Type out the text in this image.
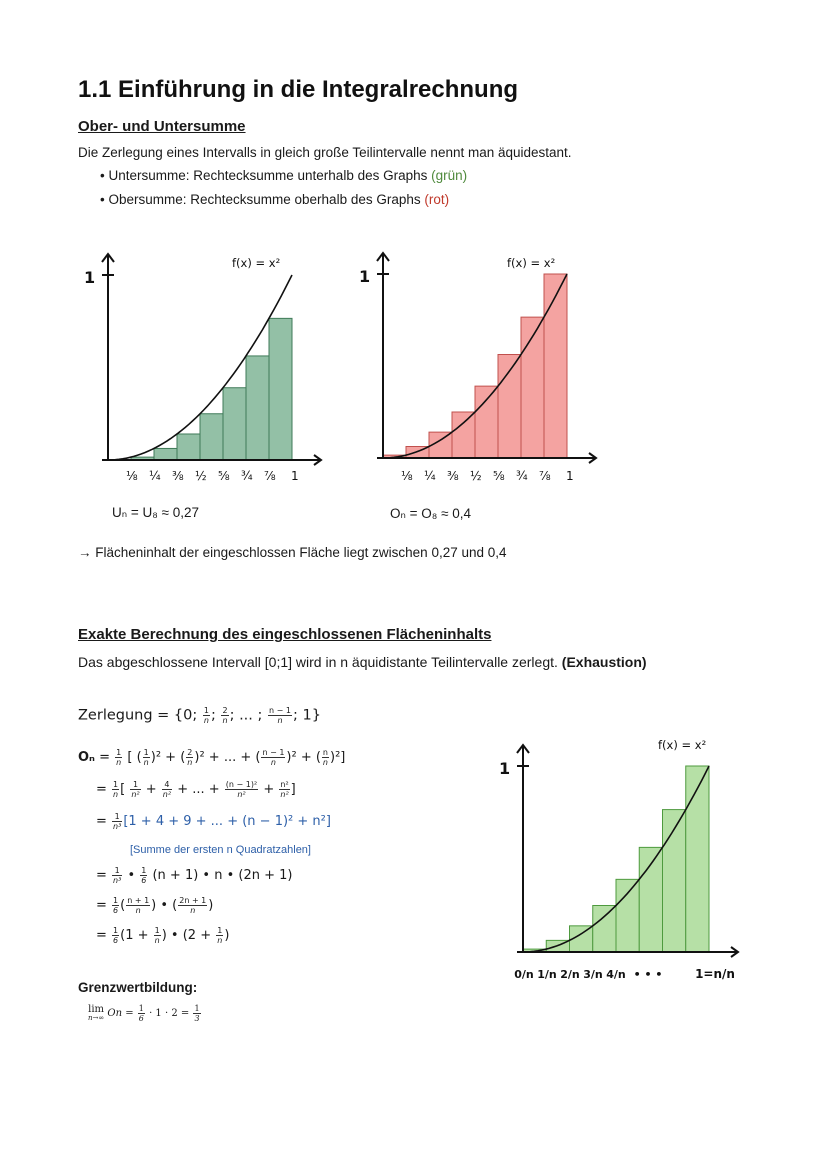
1.1 Einführung in die Integralrechnung
Ober- und Untersumme
Die Zerlegung eines Intervalls in gleich große Teilintervalle nennt man äquidestant.
• Untersumme: Rechtecksumme unterhalb des Graphs (grün)
• Obersumme: Rechtecksumme oberhalb des Graphs (rot)
1
f(x) = x²
⅛ ¼ ⅜ ½ ⅝ ¾ ⅞ 1
1
f(x) = x²
⅛ ¼ ⅜ ½ ⅝ ¾ ⅞ 1
Uₙ = U₈ ≈ 0,27	Oₙ = O₈ ≈ 0,4
→ Flächeninhalt der eingeschlossen Fläche liegt zwischen 0,27 und 0,4
Exakte Berechnung des eingeschlossenen Flächeninhalts
Das abgeschlossene Intervall [0;1] wird in n äquidistante Teilintervalle zerlegt. (Exhaustion)
Zerlegung = {0; $\frac{1}{n}$ ; $\frac{2}{n}$ ; ... ; $\frac{n - 1}{n}$ ; 1}
$O_n = \frac{1}{n}$ [ ( $\frac{1}{n} )^2$ + ( $\frac{2}{n} )^2$ + ... + ( $\frac{n - 1}{n} )^2$ + ( $\frac{n}{n} )^2$]
= $\frac{1}{n}$ [ $\frac{1}{\text{n²}} + \frac{4}{\text{n²}}$ + ... + $\frac{\text{(n − 1)²}}{\text{n²}} + \frac{\text{n²}}{\text{n²}}$ ]
= $\frac{1}{\text{n³}} [1 + 4 + 9$ + ... + (n − 1)² + n²]
[Summe der ersten n Quadratzahlen]
= $\frac{1}{\text{n³}}$ • $\frac{1}{6} (n + 1)$ • n • (2n + 1)
= $\frac{1}{6}$ ( $\frac{n + 1}{n}$ ) • ( $\frac{2n + 1}{n}$ )
= $\frac{1}{6} (1 + \frac{1}{n}$ ) • ($2 + \frac{1}{n}$ )
Grenzwertbildung:
lim
n→∞ $On = \frac{1}{6} \cdot 1 \cdot 2 = \frac{1}{3}$
1
f(x) = x²
0/n 1/n 2/n 3/n 4/n • • •	1=n/n
